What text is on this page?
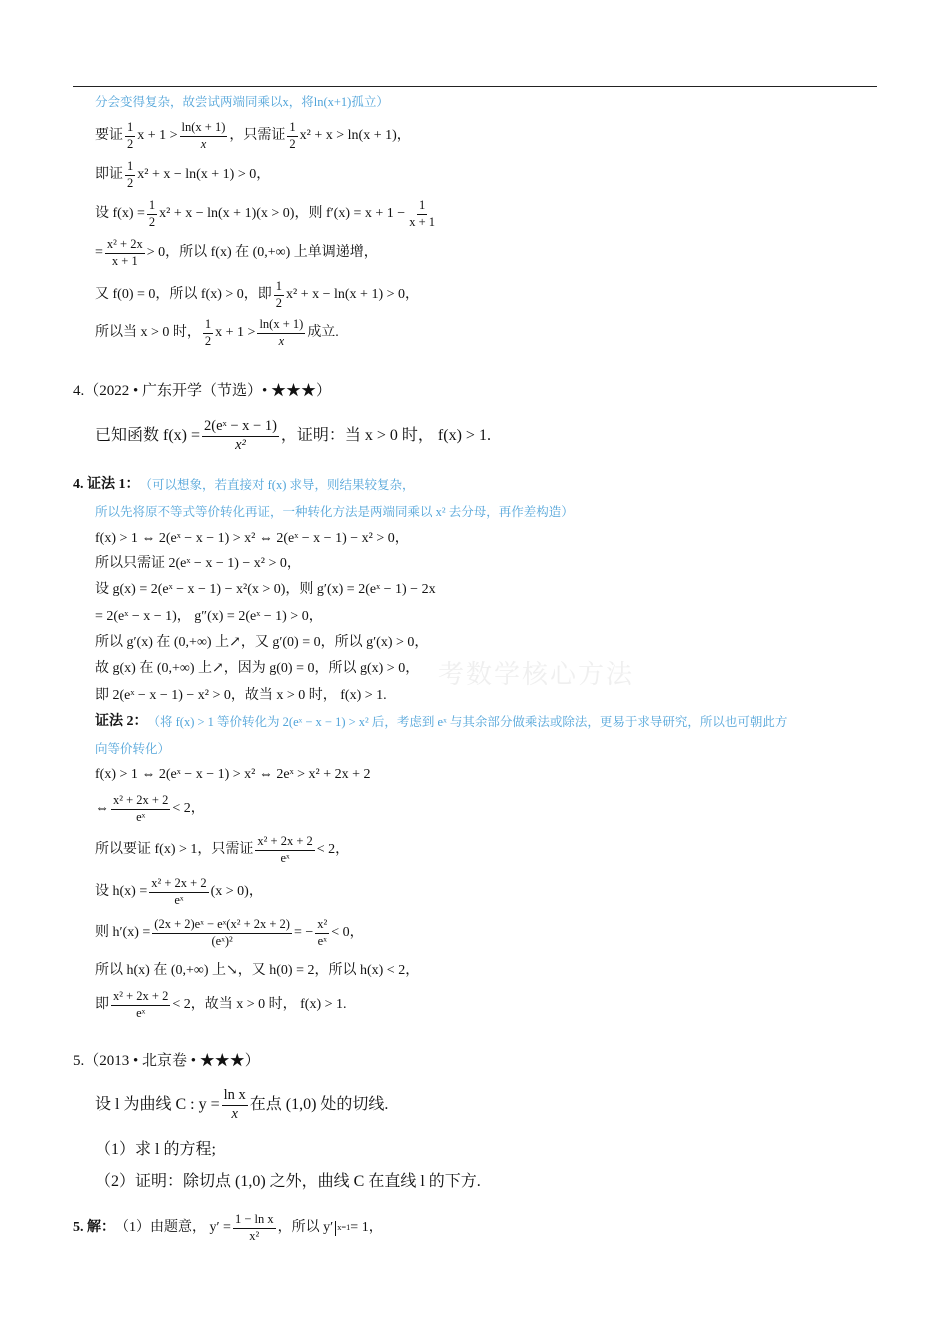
考数学核心方法
分会变得复杂，故尝试两端同乘以x，将ln(x+1)孤立）
要证 $\frac{1}{2}$ $x + 1 > \frac{\ln(x + 1)}{x}$ ，只需证 $\frac{1}{2} x^2 + x > \ln(x + 1)$，
即证 $\frac{1}{2} x^2 + x - \ln(x + 1) > 0$，
设 $f(x) = \frac{1}{2} x^2 + x - \ln(x + 1)(x > 0)$，则 $f'(x) = x + 1 - \frac{1}{x + 1}$
= $\frac{\text{x² + 2x}}{x + 1} > 0$，所以 f(x) 在 (0,+∞) 上单调递增，
又 f(0) = 0，所以 f(x) > 0，即 $\frac{1}{2} x^2 + x - \ln(x + 1) > 0$，
所以当 x > 0 时， $\frac{1}{2}$ $x + 1 > \frac{\ln(x + 1)}{x}$ 成立.
4.（2022 • 广东开学（节选）• ★★★）
已知函数 $f(x) = \frac{\text{2(eˣ − x − 1)}}{\text{x²}}$ ，证明：当 x > 0 时， f(x) > 1.
4.
证法 1： （可以想象，若直接对 f(x) 求导，则结果较复杂，
所以先将原不等式等价转化再证，一种转化方法是两端同乘以 x² 去分母，再作差构造）
f(x) > 1 ⇔ 2(eˣ − x − 1) > x² ⇔ 2(eˣ − x − 1) − x² > 0，
所以只需证 2(eˣ − x − 1) − x² > 0，
设 g(x) = 2(eˣ − x − 1) − x²(x > 0)，则 g′(x) = 2(eˣ − 1) − 2x
= 2(eˣ − x − 1)， g″(x) = 2(eˣ − 1) > 0，
所以 g′(x) 在 (0,+∞) 上↗，又 g′(0) = 0，所以 g′(x) > 0，
故 g(x) 在 (0,+∞) 上↗，因为 g(0) = 0，所以 g(x) > 0，
即 2(eˣ − x − 1) − x² > 0，故当 x > 0 时， f(x) > 1.
证法 2： （将 f(x) > 1 等价转化为 2(eˣ − x − 1) > x² 后，考虑到 eˣ 与其余部分做乘法或除法，更易于求导研究，所以也可朝此方
向等价转化）
f(x) > 1 ⇔ 2(eˣ − x − 1) > x² ⇔ 2eˣ > x² + 2x + 2
⇔ $\frac{\text{x² + 2x + 2}}{\text{eˣ}} < 2$，
所以要证 f(x) > 1，只需证 $\frac{\text{x² + 2x + 2}}{\text{eˣ}} < 2$，
设 $h(x) = \frac{\text{x² + 2x + 2}}{\text{eˣ}} (x > 0)$，
则 $h'(x) = \frac{\text{(2x + 2)eˣ − eˣ(x² + 2x + 2)}}{\text{(eˣ)²}}$ = − $\frac{\text{x²}}{\text{eˣ}} < 0$，
所以 h(x) 在 (0,+∞) 上↘，又 h(0) = 2，所以 h(x) < 2，
即 $\frac{\text{x² + 2x + 2}}{\text{eˣ}} < 2$，故当 x > 0 时， f(x) > 1.
5.（2013 • 北京卷 • ★★★）
设 l 为曲线 C : $y = \frac{\text{ln x}}{x}$ 在点 (1,0) 处的切线.
（1）求 l 的方程;
（2）证明：除切点 (1,0) 之外，曲线 C 在直线 l 的下方.
5.
解： （1）由题意， $y' = \frac{\text{1 − ln x}}{\text{x²}}$ ，所以 y′ x=1 = 1，
